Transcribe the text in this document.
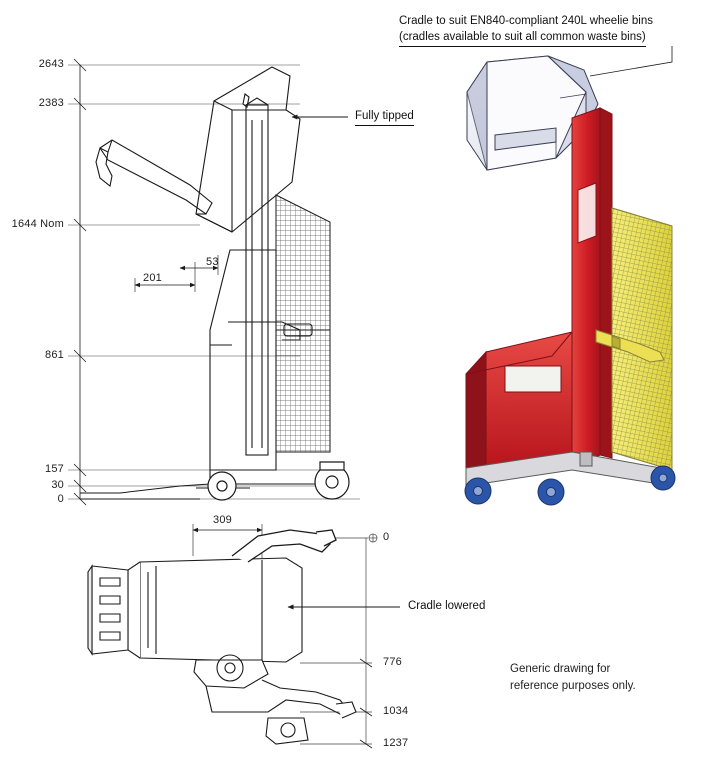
2643
2383
1644 Nom
861
157
30
0
201
53
Fully tipped
Cradle to suit EN840-compliant 240L wheelie bins
(cradles available to suit all common waste bins)
309
0
776
1034
1237
Cradle lowered
Generic drawing for
reference purposes only.
